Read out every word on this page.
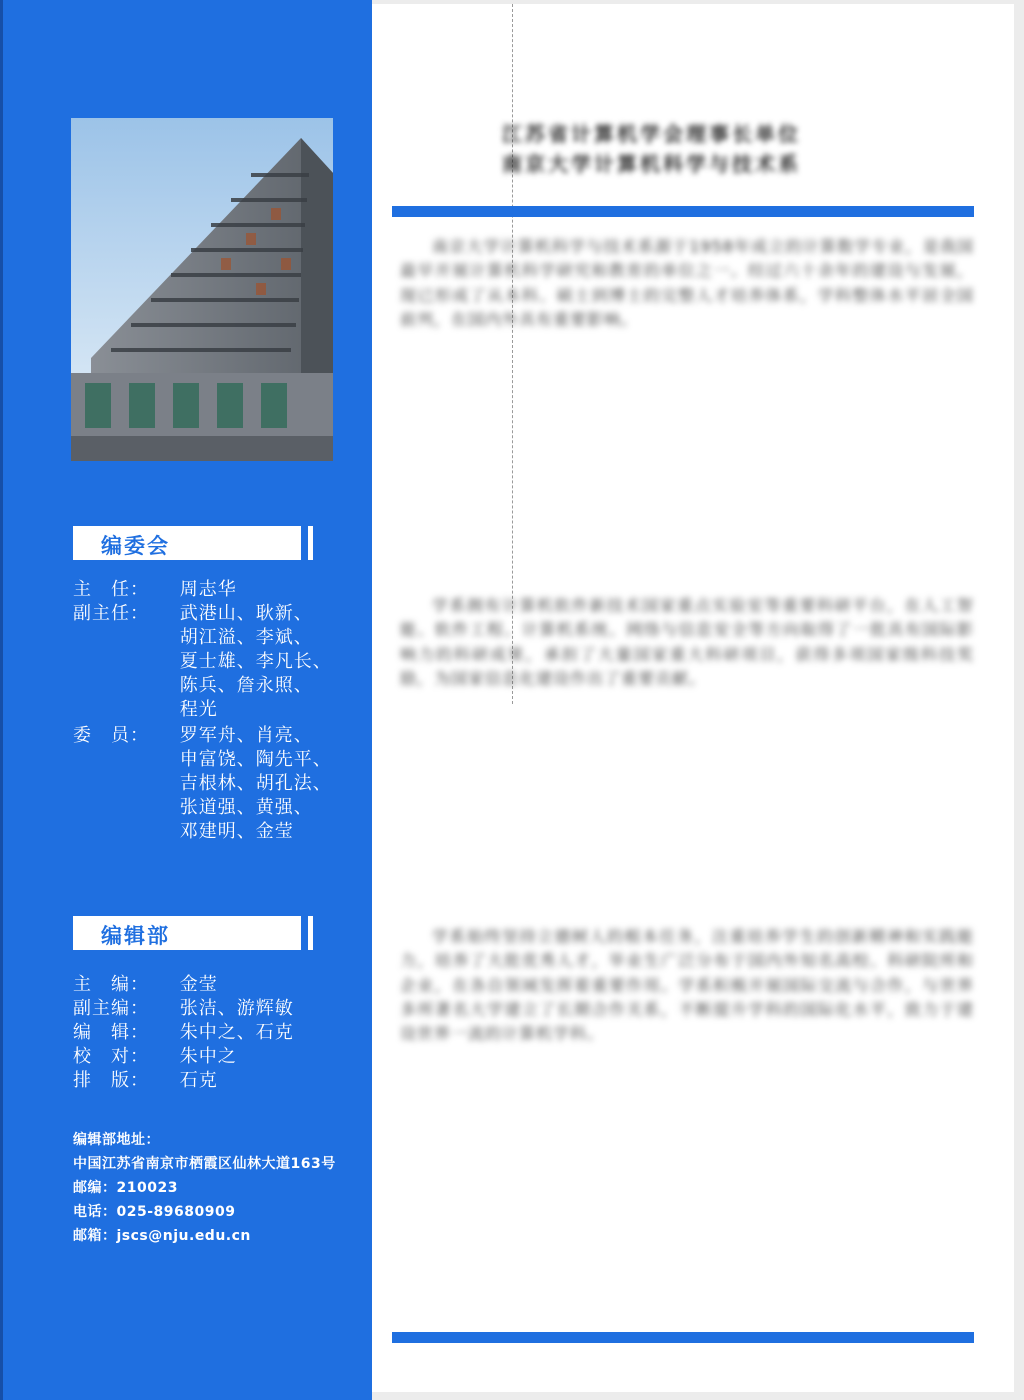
编委会
主　任： 周志华
副主任： 武港山、耿新、
胡江溢、李斌、
夏士雄、李凡长、
陈兵、詹永照、
程光
委　员： 罗军舟、肖亮、
申富饶、陶先平、
吉根林、胡孔法、
张道强、黄强、
邓建明、金莹
编辑部
主　编： 金莹
副主编： 张洁、游辉敏
编　辑： 朱中之、石克
校　对： 朱中之
排　版： 石克
编辑部地址：
中国江苏省南京市栖霞区仙林大道163号
邮编：210023
电话：025-89680909
邮箱：jscs@nju.edu.cn
江苏省计算机学会理事长单位
南京大学计算机科学与技术系
南京大学计算机科学与技术系源于1958年成立的计算数学专业，是我国最早开展计算机科学研究和教育的单位之一。经过六十余年的建设与发展，现已形成了从本科、硕士到博士的完整人才培养体系，学科整体水平居全国前列，在国内外具有重要影响。
学系拥有计算机软件新技术国家重点实验室等重要科研平台，在人工智能、软件工程、计算机系统、网络与信息安全等方向取得了一批具有国际影响力的科研成果，承担了大量国家重大科研项目，获得多项国家级科技奖励，为国家信息化建设作出了重要贡献。
学系始终坚持立德树人的根本任务，注重培养学生的创新精神和实践能力，培养了大批优秀人才，毕业生广泛分布于国内外知名高校、科研院所和企业，在各自领域发挥着重要作用。学系积极开展国际交流与合作，与世界多所著名大学建立了长期合作关系，不断提升学科的国际化水平，致力于建设世界一流的计算机学科。
